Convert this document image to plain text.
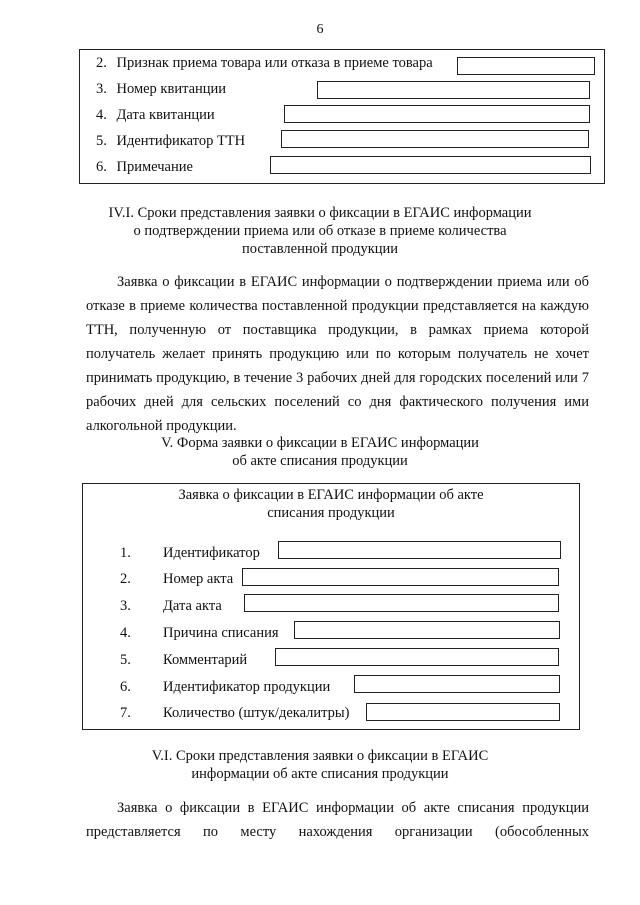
6
2. Признак приема товара или отказа в приеме товара
3. Номер квитанции
4. Дата квитанции
5. Идентификатор ТТН
6. Примечание
IV.I. Сроки представления заявки о фиксации в ЕГАИС информации
о подтверждении приема или об отказе в приеме количества
поставленной продукции
Заявка о фиксации в ЕГАИС информации о подтверждении приема или об отказе в приеме количества поставленной продукции представляется на каждую ТТН, полученную от поставщика продукции, в рамках приема которой получатель желает принять продукцию или по которым получатель не хочет принимать продукцию, в течение 3 рабочих дней для городских поселений или 7 рабочих дней для сельских поселений со дня фактического получения ими алкогольной продукции.
V. Форма заявки о фиксации в ЕГАИС информации
об акте списания продукции
Заявка о фиксации в ЕГАИС информации об акте
списания продукции
1. Идентификатор
2. Номер акта
3. Дата акта
4. Причина списания
5. Комментарий
6. Идентификатор продукции
7. Количество (штук/декалитры)
V.I. Сроки представления заявки о фиксации в ЕГАИС
информации об акте списания продукции
Заявка о фиксации в ЕГАИС информации об акте списания продукции представляется по месту нахождения организации (обособленных
